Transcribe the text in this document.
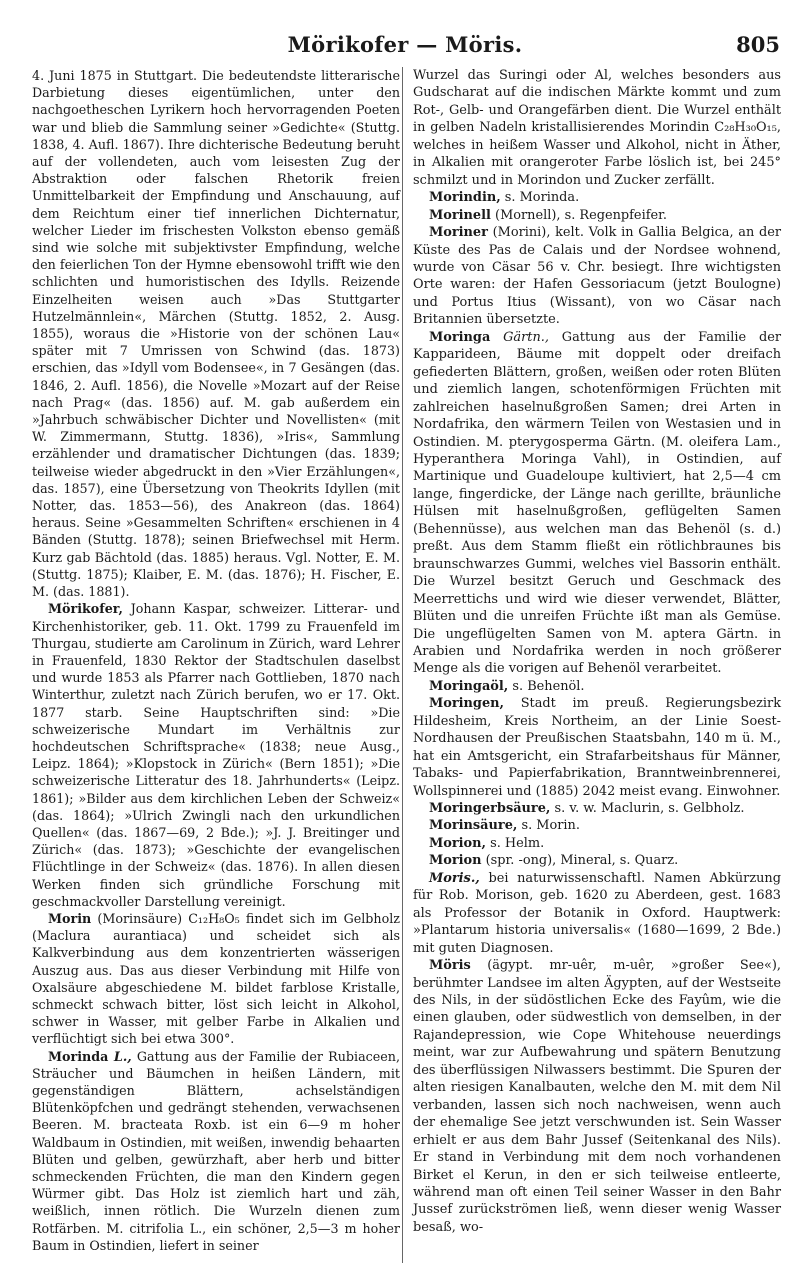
Mörikofer — Möris.	805

4. Juni 1875 in Stuttgart. Die bedeutendste litterarische Darbietung dieses eigentümlichen, unter den nachgoetheschen Lyrikern hoch hervorragenden Poeten war und blieb die Sammlung seiner »Gedichte« (Stuttg. 1838, 4. Aufl. 1867). Ihre dichterische Bedeutung beruht auf der vollendeten, auch vom leisesten Zug der Abstraktion oder falschen Rhetorik freien Unmittelbarkeit der Empfindung und Anschauung, auf dem Reichtum einer tief innerlichen Dichternatur, welcher Lieder im frischesten Volkston ebenso gemäß sind wie solche mit subjektivster Empfindung, welche den feierlichen Ton der Hymne ebensowohl trifft wie den schlichten und humoristischen des Idylls. Reizende Einzelheiten weisen auch »Das Stuttgarter Hutzelmännlein«, Märchen (Stuttg. 1852, 2. Ausg. 1855), woraus die »Historie von der schönen Lau« später mit 7 Umrissen von Schwind (das. 1873) erschien, das »Idyll vom Bodensee«, in 7 Gesängen (das. 1846, 2. Aufl. 1856), die Novelle »Mozart auf der Reise nach Prag« (das. 1856) auf. M. gab außerdem ein »Jahrbuch schwäbischer Dichter und Novellisten« (mit W. Zimmermann, Stuttg. 1836), »Iris«, Sammlung erzählender und dramatischer Dichtungen (das. 1839; teilweise wieder abgedruckt in den »Vier Erzählungen«, das. 1857), eine Übersetzung von Theokrits Idyllen (mit Notter, das. 1853—56), des Anakreon (das. 1864) heraus. Seine »Gesammelten Schriften« erschienen in 4 Bänden (Stuttg. 1878); seinen Briefwechsel mit Herm. Kurz gab Bächtold (das. 1885) heraus. Vgl. Notter, E. M. (Stuttg. 1875); Klaiber, E. M. (das. 1876); H. Fischer, E. M. (das. 1881).

Mörikofer, Johann Kaspar, schweizer. Litterar- und Kirchenhistoriker, geb. 11. Okt. 1799 zu Frauenfeld im Thurgau, studierte am Carolinum in Zürich, ward Lehrer in Frauenfeld, 1830 Rektor der Stadtschulen daselbst und wurde 1853 als Pfarrer nach Gottlieben, 1870 nach Winterthur, zuletzt nach Zürich berufen, wo er 17. Okt. 1877 starb. Seine Hauptschriften sind: »Die schweizerische Mundart im Verhältnis zur hochdeutschen Schriftsprache« (1838; neue Ausg., Leipz. 1864); »Klopstock in Zürich« (Bern 1851); »Die schweizerische Litteratur des 18. Jahrhunderts« (Leipz. 1861); »Bilder aus dem kirchlichen Leben der Schweiz« (das. 1864); »Ulrich Zwingli nach den urkundlichen Quellen« (das. 1867—69, 2 Bde.); »J. J. Breitinger und Zürich« (das. 1873); »Geschichte der evangelischen Flüchtlinge in der Schweiz« (das. 1876). In allen diesen Werken finden sich gründliche Forschung mit geschmackvoller Darstellung vereinigt.

Morin (Morinsäure) C₁₂H₈O₅ findet sich im Gelbholz (Maclura aurantiaca) und scheidet sich als Kalkverbindung aus dem konzentrierten wässerigen Auszug aus. Das aus dieser Verbindung mit Hilfe von Oxalsäure abgeschiedene M. bildet farblose Kristalle, schmeckt schwach bitter, löst sich leicht in Alkohol, schwer in Wasser, mit gelber Farbe in Alkalien und verflüchtigt sich bei etwa 300°.

Morinda L., Gattung aus der Familie der Rubiaceen, Sträucher und Bäumchen in heißen Ländern, mit gegenständigen Blättern, achselständigen Blütenköpfchen und gedrängt stehenden, verwachsenen Beeren. M. bracteata Roxb. ist ein 6—9 m hoher Waldbaum in Ostindien, mit weißen, inwendig behaarten Blüten und gelben, gewürzhaft, aber herb und bitter schmeckenden Früchten, die man den Kindern gegen Würmer gibt. Das Holz ist ziemlich hart und zäh, weißlich, innen rötlich. Die Wurzeln dienen zum Rotfärben. M. citrifolia L., ein schöner, 2,5—3 m hoher Baum in Ostindien, liefert in seiner

Wurzel das Suringi oder Al, welches besonders aus Gudscharat auf die indischen Märkte kommt und zum Rot-, Gelb- und Orangefärben dient. Die Wurzel enthält in gelben Nadeln kristallisierendes Morindin C₂₈H₃₀O₁₅, welches in heißem Wasser und Alkohol, nicht in Äther, in Alkalien mit orangeroter Farbe löslich ist, bei 245° schmilzt und in Morindon und Zucker zerfällt.

Morindin, s. Morinda.

Morinell (Mornell), s. Regenpfeifer.

Moriner (Morini), kelt. Volk in Gallia Belgica, an der Küste des Pas de Calais und der Nordsee wohnend, wurde von Cäsar 56 v. Chr. besiegt. Ihre wichtigsten Orte waren: der Hafen Gessoriacum (jetzt Boulogne) und Portus Itius (Wissant), von wo Cäsar nach Britannien übersetzte.

Moringa Gärtn., Gattung aus der Familie der Kapparideen, Bäume mit doppelt oder dreifach gefiederten Blättern, großen, weißen oder roten Blüten und ziemlich langen, schotenförmigen Früchten mit zahlreichen haselnußgroßen Samen; drei Arten in Nordafrika, den wärmern Teilen von Westasien und in Ostindien. M. pterygosperma Gärtn. (M. oleifera Lam., Hyperanthera Moringa Vahl), in Ostindien, auf Martinique und Guadeloupe kultiviert, hat 2,5—4 cm lange, fingerdicke, der Länge nach gerillte, bräunliche Hülsen mit haselnußgroßen, geflügelten Samen (Behennüsse), aus welchen man das Behenöl (s. d.) preßt. Aus dem Stamm fließt ein rötlichbraunes bis braunschwarzes Gummi, welches viel Bassorin enthält. Die Wurzel besitzt Geruch und Geschmack des Meerrettichs und wird wie dieser verwendet, Blätter, Blüten und die unreifen Früchte ißt man als Gemüse. Die ungeflügelten Samen von M. aptera Gärtn. in Arabien und Nordafrika werden in noch größerer Menge als die vorigen auf Behenöl verarbeitet.

Moringaöl, s. Behenöl.

Moringen, Stadt im preuß. Regierungsbezirk Hildesheim, Kreis Northeim, an der Linie Soest-Nordhausen der Preußischen Staatsbahn, 140 m ü. M., hat ein Amtsgericht, ein Strafarbeitshaus für Männer, Tabaks- und Papierfabrikation, Branntweinbrennerei, Wollspinnerei und (1885) 2042 meist evang. Einwohner.

Moringerbsäure, s. v. w. Maclurin, s. Gelbholz.

Morinsäure, s. Morin.

Morion, s. Helm.

Morion (spr. -ong), Mineral, s. Quarz.

Moris., bei naturwissenschaftl. Namen Abkürzung für Rob. Morison, geb. 1620 zu Aberdeen, gest. 1683 als Professor der Botanik in Oxford. Hauptwerk: »Plantarum historia universalis« (1680—1699, 2 Bde.) mit guten Diagnosen.

Möris (ägypt. mr-uêr, m-uêr, »großer See«), berühmter Landsee im alten Ägypten, auf der Westseite des Nils, in der südöstlichen Ecke des Fayûm, wie die einen glauben, oder südwestlich von demselben, in der Rajandepression, wie Cope Whitehouse neuerdings meint, war zur Aufbewahrung und spätern Benutzung des überflüssigen Nilwassers bestimmt. Die Spuren der alten riesigen Kanalbauten, welche den M. mit dem Nil verbanden, lassen sich noch nachweisen, wenn auch der ehemalige See jetzt verschwunden ist. Sein Wasser erhielt er aus dem Bahr Jussef (Seitenkanal des Nils). Er stand in Verbindung mit dem noch vorhandenen Birket el Kerun, in den er sich teilweise entleerte, während man oft einen Teil seiner Wasser in den Bahr Jussef zurückströmen ließ, wenn dieser wenig Wasser besaß, wo-
